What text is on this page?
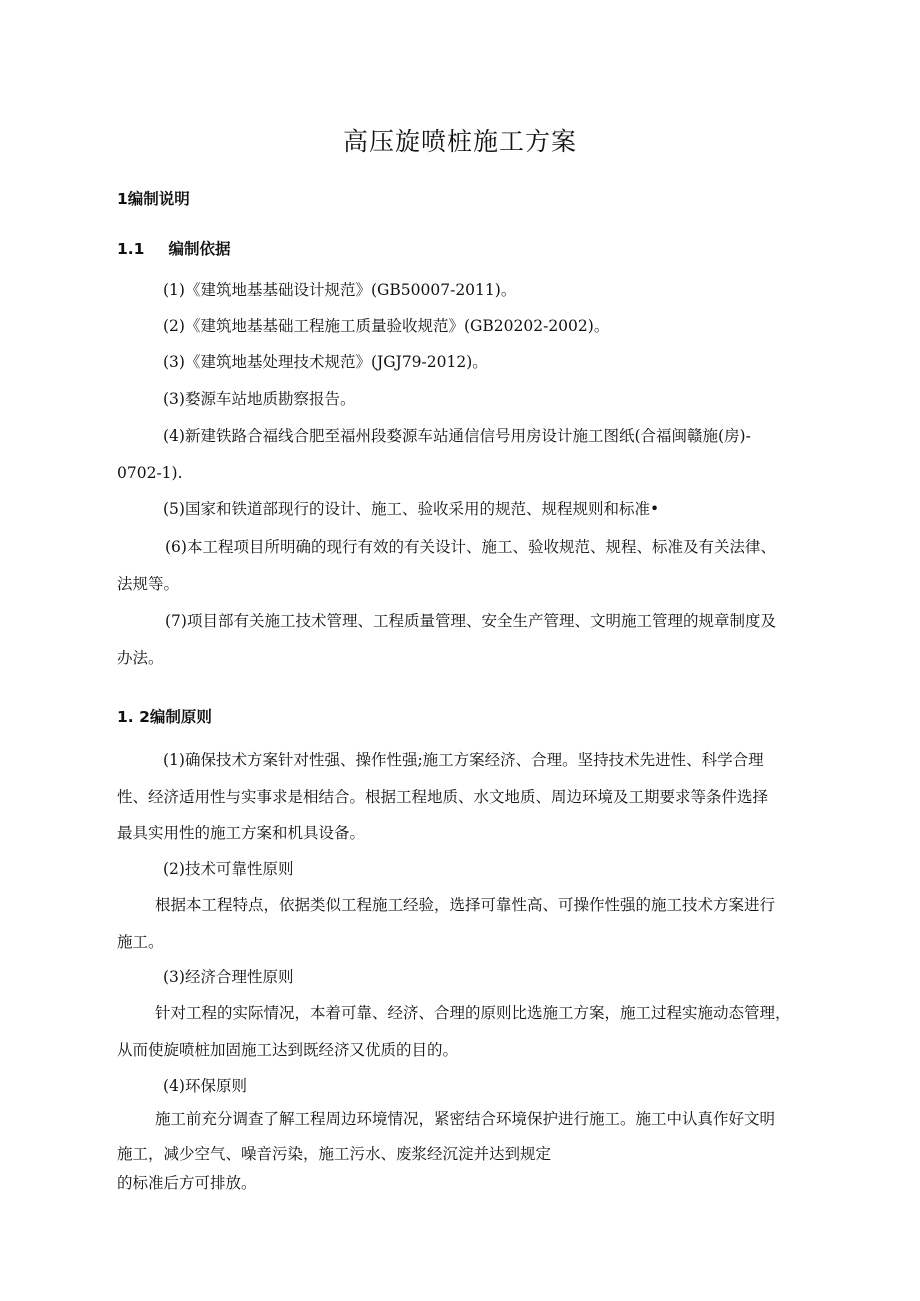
高压旋喷桩施工方案
1编制说明
1.1 编制依据
(1)《建筑地基基础设计规范》(GB50007-2011)。
(2)《建筑地基基础工程施工质量验收规范》(GB20202-2002)。
(3)《建筑地基处理技术规范》(JGJ79-2012)。
(3)婺源车站地质勘察报告。
(4)新建铁路合福线合肥至福州段婺源车站通信信号用房设计施工图纸(合福闽赣施(房)-
0702-1).
(5)国家和铁道部现行的设计、施工、验收采用的规范、规程规则和标准•
(6)本工程项目所明确的现行有效的有关设计、施工、验收规范、规程、标准及有关法律、
法规等。
(7)项目部有关施工技术管理、工程质量管理、安全生产管理、文明施工管理的规章制度及
办法。
1. 2编制原则
(1)确保技术方案针对性强、操作性强;施工方案经济、合理。坚持技术先进性、科学合理
性、经济适用性与实事求是相结合。根据工程地质、水文地质、周边环境及工期要求等条件选择
最具实用性的施工方案和机具设备。
(2)技术可靠性原则
根据本工程特点，依据类似工程施工经验，选择可靠性高、可操作性强的施工技术方案进行
施工。
(3)经济合理性原则
针对工程的实际情况，本着可靠、经济、合理的原则比选施工方案，施工过程实施动态管理，
从而使旋喷桩加固施工达到既经济又优质的目的。
(4)环保原则
施工前充分调查了解工程周边环境情况，紧密结合环境保护进行施工。施工中认真作好文明
施工，减少空气、噪音污染，施工污水、废浆经沉淀并达到规定
的标准后方可排放。
